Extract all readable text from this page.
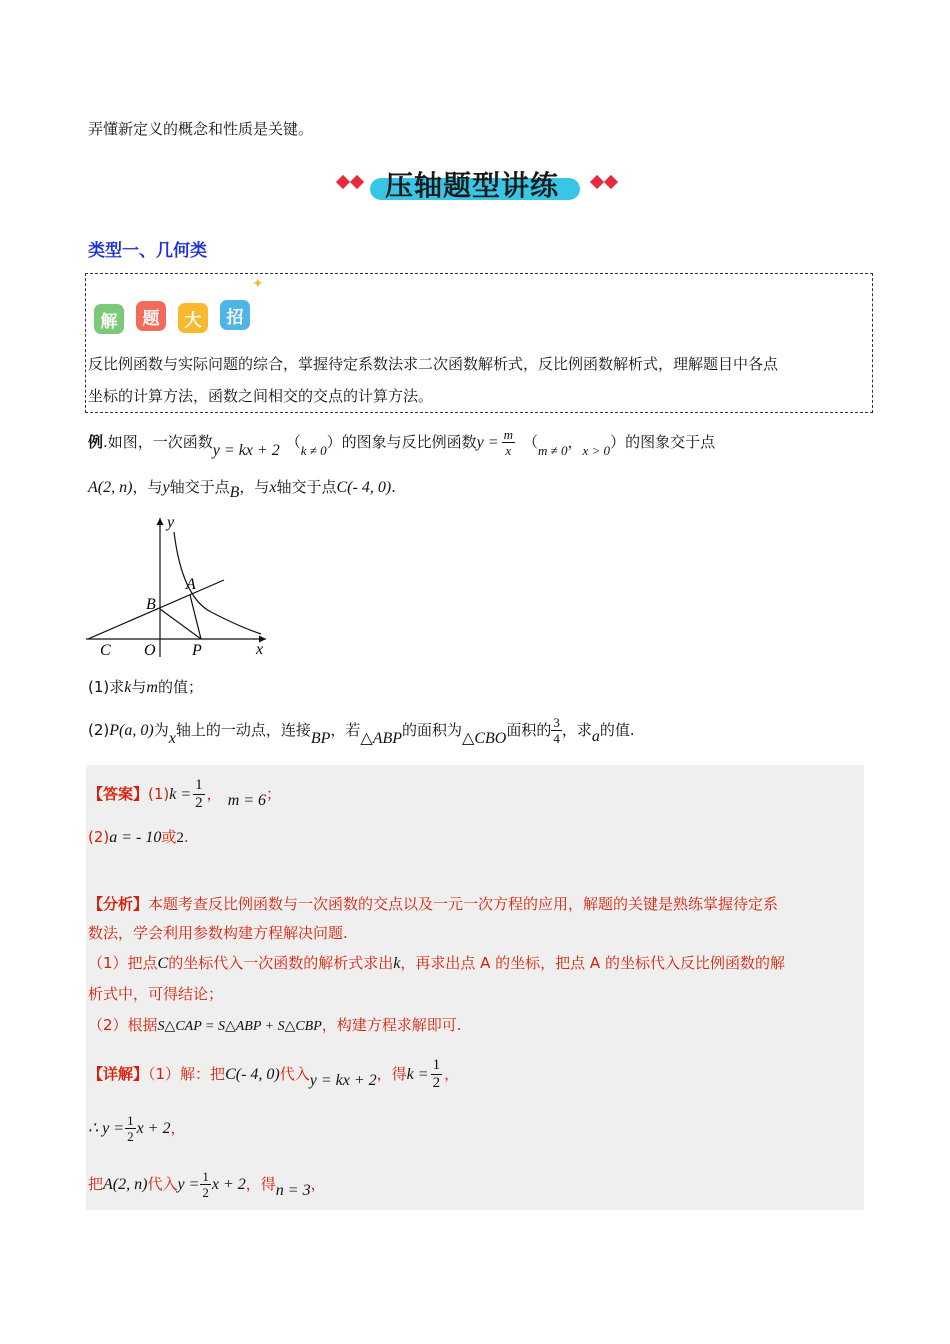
弄懂新定义的概念和性质是关键。
压轴题型讲练
类型一、几何类
解	题	大	招
✦
反比例函数与实际问题的综合，掌握待定系数法求二次函数解析式，反比例函数解析式，理解题目中各点
坐标的计算方法，函数之间相交的交点的计算方法。
例.如图，一次函数y = kx + 2 （k ≠ 0）的图象与反比例函数$y = \frac{m}{x} (m \ne 0$，x > 0）的图象交于点
A(2, n)，与y轴交于点B，与x轴交于点C(- 4, 0).
y
x
A
B
C O P
(1)求k与m的值；
(2)P(a, 0)为x轴上的一动点，连接BP，若△ABP的面积为△CBO面积的 $\frac{3}{4}$ ，求a的值.
【答案】$(1)k = \frac{1}{2}$ ， m = 6；
(2)a = - 10或2.
【分析】本题考查反比例函数与一次函数的交点以及一元一次方程的应用，解题的关键是熟练掌握待定系
数法，学会利用参数构建方程解决问题.
（1）把点C的坐标代入一次函数的解析式求出k，再求出点 A 的坐标，把点 A 的坐标代入反比例函数的解
析式中，可得结论；
（2）根据S△CAP = S△ABP + S△CBP，构建方程求解即可.
【详解】（1）解：把C(- 4, 0)代入y = kx + 2，得$k = \frac{1}{2}$ ，
∴ $y = \frac{1}{2}$ x + 2，
把A(2, n)代入$y = \frac{1}{2}$ x + 2，得n = 3，
